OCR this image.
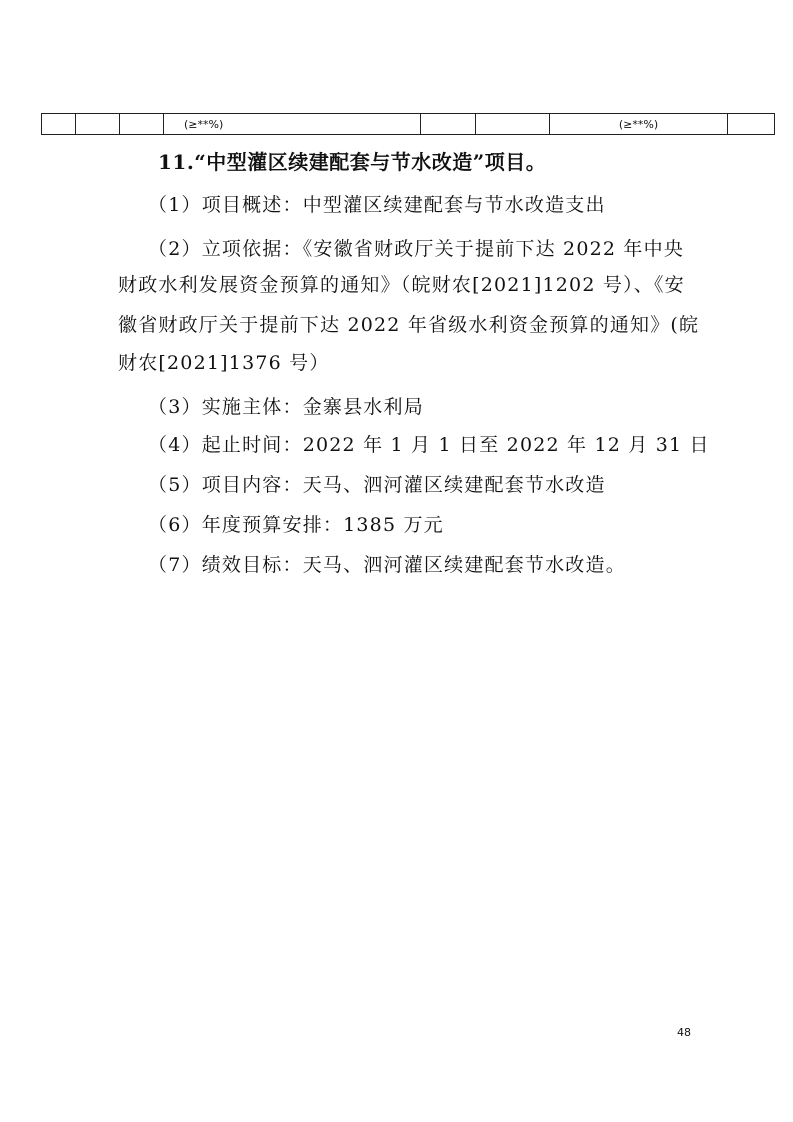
			(≥**%)			(≥**%)	
11.“中型灌区续建配套与节水改造”项目。
（1）项目概述：中型灌区续建配套与节水改造支出
（2）立项依据：《安徽省财政厅关于提前下达 2022 年中央
财政水利发展资金预算的通知》（皖财农[2021]1202 号）、《安
徽省财政厅关于提前下达 2022 年省级水利资金预算的通知》(皖
财农[2021]1376 号）
（3）实施主体：金寨县水利局
（4）起止时间：2022 年 1 月 1 日至 2022 年 12 月 31 日
（5）项目内容：天马、泗河灌区续建配套节水改造
（6）年度预算安排：1385 万元
（7）绩效目标：天马、泗河灌区续建配套节水改造。
48
